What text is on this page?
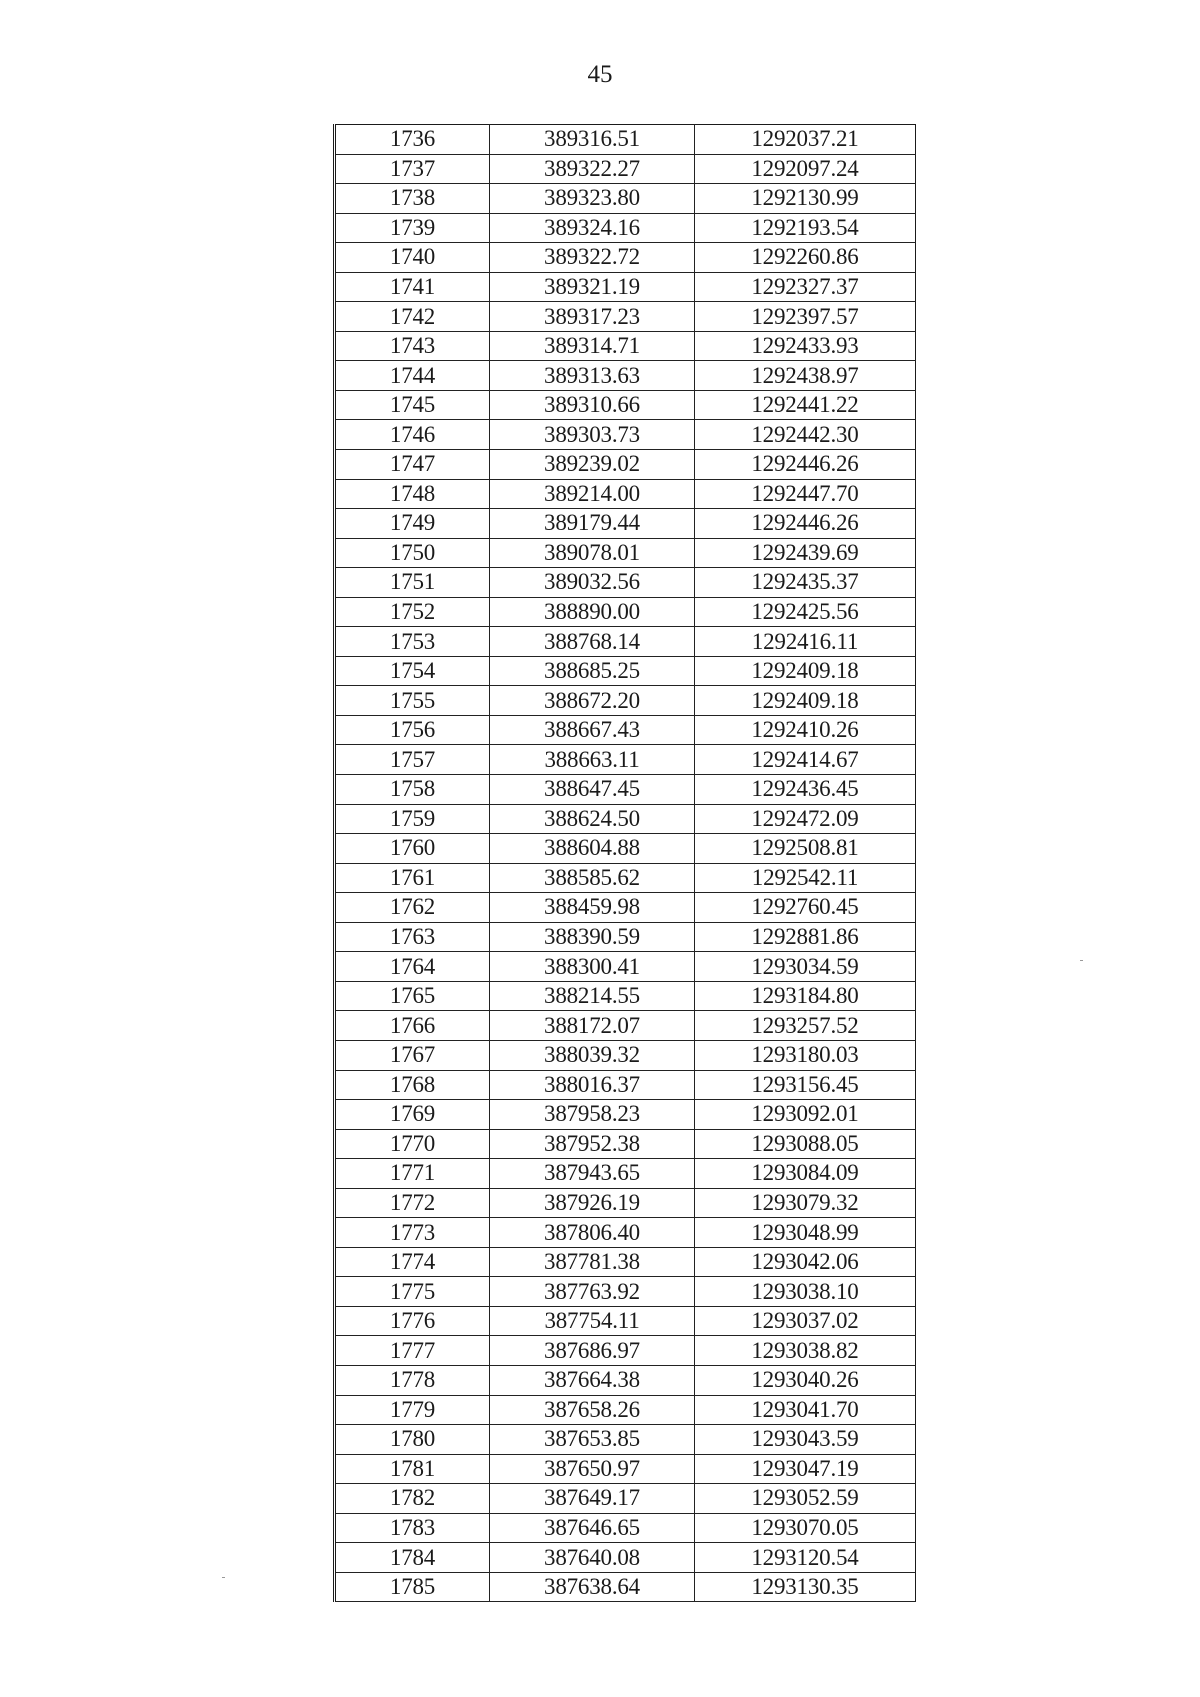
45
1736	389316.51	1292037.21
1737	389322.27	1292097.24
1738	389323.80	1292130.99
1739	389324.16	1292193.54
1740	389322.72	1292260.86
1741	389321.19	1292327.37
1742	389317.23	1292397.57
1743	389314.71	1292433.93
1744	389313.63	1292438.97
1745	389310.66	1292441.22
1746	389303.73	1292442.30
1747	389239.02	1292446.26
1748	389214.00	1292447.70
1749	389179.44	1292446.26
1750	389078.01	1292439.69
1751	389032.56	1292435.37
1752	388890.00	1292425.56
1753	388768.14	1292416.11
1754	388685.25	1292409.18
1755	388672.20	1292409.18
1756	388667.43	1292410.26
1757	388663.11	1292414.67
1758	388647.45	1292436.45
1759	388624.50	1292472.09
1760	388604.88	1292508.81
1761	388585.62	1292542.11
1762	388459.98	1292760.45
1763	388390.59	1292881.86
1764	388300.41	1293034.59
1765	388214.55	1293184.80
1766	388172.07	1293257.52
1767	388039.32	1293180.03
1768	388016.37	1293156.45
1769	387958.23	1293092.01
1770	387952.38	1293088.05
1771	387943.65	1293084.09
1772	387926.19	1293079.32
1773	387806.40	1293048.99
1774	387781.38	1293042.06
1775	387763.92	1293038.10
1776	387754.11	1293037.02
1777	387686.97	1293038.82
1778	387664.38	1293040.26
1779	387658.26	1293041.70
1780	387653.85	1293043.59
1781	387650.97	1293047.19
1782	387649.17	1293052.59
1783	387646.65	1293070.05
1784	387640.08	1293120.54
1785	387638.64	1293130.35
